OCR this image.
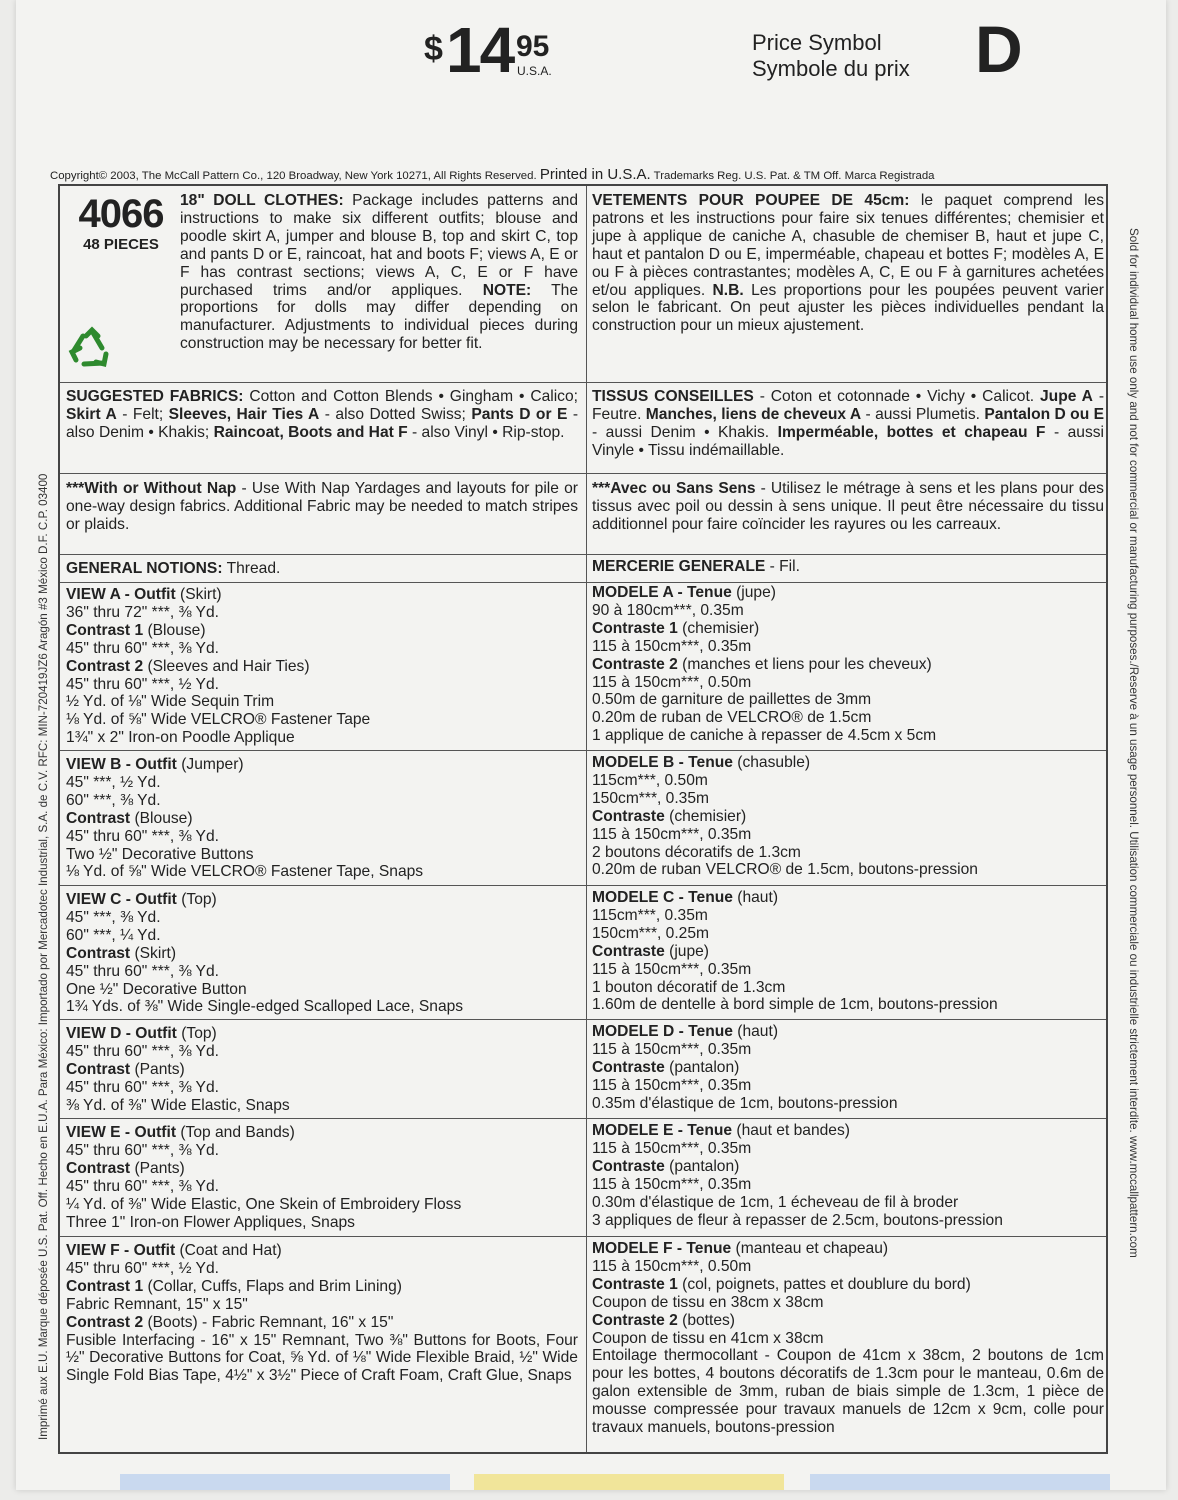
$ 14 95
U.S.A.
Price Symbol
Symbole du prix D
Copyright© 2003, The McCall Pattern Co., 120 Broadway, New York 10271, All Rights Reserved. Printed in U.S.A. Trademarks Reg. U.S. Pat. & TM Off. Marca Registrada
Imprimé aux E.U. Marque déposée U.S. Pat. Off. Hecho en E.U.A. Para México: Importado por Mercadotec Industrial, S.A. de C.V. RFC: MIN-720419JZ6 Aragón #3 México D.F. C.P. 03400	Sold for individual home use only and not for commercial or manufacturing purposes./Reserve à un usage personnel. Utilisation commerciale ou industrielle strictement interdite. www.mccallpattern.com
4066
48 PIECES
18" DOLL CLOTHES: Package includes patterns and instructions to make six different outfits; blouse and poodle skirt A, jumper and blouse B, top and skirt C, top and pants D or E, raincoat, hat and boots F; views A, E or F has contrast sections; views A, C, E or F have purchased trims and/or appliques. NOTE: The proportions for dolls may differ depending on manufacturer. Adjustments to individual pieces during construction may be necessary for better fit.
VETEMENTS POUR POUPEE DE 45cm: le paquet comprend les patrons et les instructions pour faire six tenues différentes; chemisier et jupe à applique de caniche A, chasuble de chemiser B, haut et jupe C, haut et pantalon D ou E, imperméable, chapeau et bottes F; modèles A, E ou F à pièces contrastantes; modèles A, C, E ou F à garnitures achetées et/ou appliques. N.B. Les proportions pour les poupées peuvent varier selon le fabricant. On peut ajuster les pièces individuelles pendant la construction pour un mieux ajustement.
SUGGESTED FABRICS: Cotton and Cotton Blends • Gingham • Calico; Skirt A - Felt; Sleeves, Hair Ties A - also Dotted Swiss; Pants D or E - also Denim • Khakis; Raincoat, Boots and Hat F - also Vinyl • Rip-stop.
TISSUS CONSEILLES - Coton et cotonnade • Vichy • Calicot. Jupe A - Feutre. Manches, liens de cheveux A - aussi Plumetis. Pantalon D ou E - aussi Denim • Khakis. Imperméable, bottes et chapeau F - aussi Vinyle • Tissu indémaillable.
***With or Without Nap - Use With Nap Yardages and layouts for pile or one-way design fabrics. Additional Fabric may be needed to match stripes or plaids.
***Avec ou Sans Sens - Utilisez le métrage à sens et les plans pour des tissus avec poil ou dessin à sens unique. Il peut être nécessaire du tissu additionnel pour faire coïncider les rayures ou les carreaux.
GENERAL NOTIONS: Thread.	MERCERIE GENERALE - Fil.
VIEW A - Outfit (Skirt)
36" thru 72" ***, ⅜ Yd.
Contrast 1 (Blouse)
45" thru 60" ***, ⅜ Yd.
Contrast 2 (Sleeves and Hair Ties)
45" thru 60" ***, ½ Yd.
½ Yd. of ⅛" Wide Sequin Trim
⅛ Yd. of ⅝" Wide VELCRO® Fastener Tape
1¾" x 2" Iron-on Poodle Applique
MODELE A - Tenue (jupe)
90 à 180cm***, 0.35m
Contraste 1 (chemisier)
115 à 150cm***, 0.35m
Contraste 2 (manches et liens pour les cheveux)
115 à 150cm***, 0.50m
0.50m de garniture de paillettes de 3mm
0.20m de ruban de VELCRO® de 1.5cm
1 applique de caniche à repasser de 4.5cm x 5cm
VIEW B - Outfit (Jumper)
45" ***, ½ Yd.
60" ***, ⅜ Yd.
Contrast (Blouse)
45" thru 60" ***, ⅜ Yd.
Two ½" Decorative Buttons
⅛ Yd. of ⅝" Wide VELCRO® Fastener Tape, Snaps
MODELE B - Tenue (chasuble)
115cm***, 0.50m
150cm***, 0.35m
Contraste (chemisier)
115 à 150cm***, 0.35m
2 boutons décoratifs de 1.3cm
0.20m de ruban VELCRO® de 1.5cm, boutons-pression
VIEW C - Outfit (Top)
45" ***, ⅜ Yd.
60" ***, ¼ Yd.
Contrast (Skirt)
45" thru 60" ***, ⅜ Yd.
One ½" Decorative Button
1¾ Yds. of ⅜" Wide Single-edged Scalloped Lace, Snaps
MODELE C - Tenue (haut)
115cm***, 0.35m
150cm***, 0.25m
Contraste (jupe)
115 à 150cm***, 0.35m
1 bouton décoratif de 1.3cm
1.60m de dentelle à bord simple de 1cm, boutons-pression
VIEW D - Outfit (Top)
45" thru 60" ***, ⅜ Yd.
Contrast (Pants)
45" thru 60" ***, ⅜ Yd.
⅜ Yd. of ⅜" Wide Elastic, Snaps
MODELE D - Tenue (haut)
115 à 150cm***, 0.35m
Contraste (pantalon)
115 à 150cm***, 0.35m
0.35m d'élastique de 1cm, boutons-pression
VIEW E - Outfit (Top and Bands)
45" thru 60" ***, ⅜ Yd.
Contrast (Pants)
45" thru 60" ***, ⅜ Yd.
¼ Yd. of ⅜" Wide Elastic, One Skein of Embroidery Floss
Three 1" Iron-on Flower Appliques, Snaps
MODELE E - Tenue (haut et bandes)
115 à 150cm***, 0.35m
Contraste (pantalon)
115 à 150cm***, 0.35m
0.30m d'élastique de 1cm, 1 écheveau de fil à broder
3 appliques de fleur à repasser de 2.5cm, boutons-pression
VIEW F - Outfit (Coat and Hat)
45" thru 60" ***, ½ Yd.
Contrast 1 (Collar, Cuffs, Flaps and Brim Lining)
Fabric Remnant, 15" x 15"
Contrast 2 (Boots) - Fabric Remnant, 16" x 15"
Fusible Interfacing - 16" x 15" Remnant, Two ⅜" Buttons for Boots, Four ½" Decorative Buttons for Coat, ⅝ Yd. of ⅛" Wide Flexible Braid, ½" Wide Single Fold Bias Tape, 4½" x 3½" Piece of Craft Foam, Craft Glue, Snaps
MODELE F - Tenue (manteau et chapeau)
115 à 150cm***, 0.50m
Contraste 1 (col, poignets, pattes et doublure du bord)
Coupon de tissu en 38cm x 38cm
Contraste 2 (bottes)
Coupon de tissu en 41cm x 38cm
Entoilage thermocollant - Coupon de 41cm x 38cm, 2 boutons de 1cm pour les bottes, 4 boutons décoratifs de 1.3cm pour le manteau, 0.6m de galon extensible de 3mm, ruban de biais simple de 1.3cm, 1 pièce de mousse compressée pour travaux manuels de 12cm x 9cm, colle pour travaux manuels, boutons-pression
